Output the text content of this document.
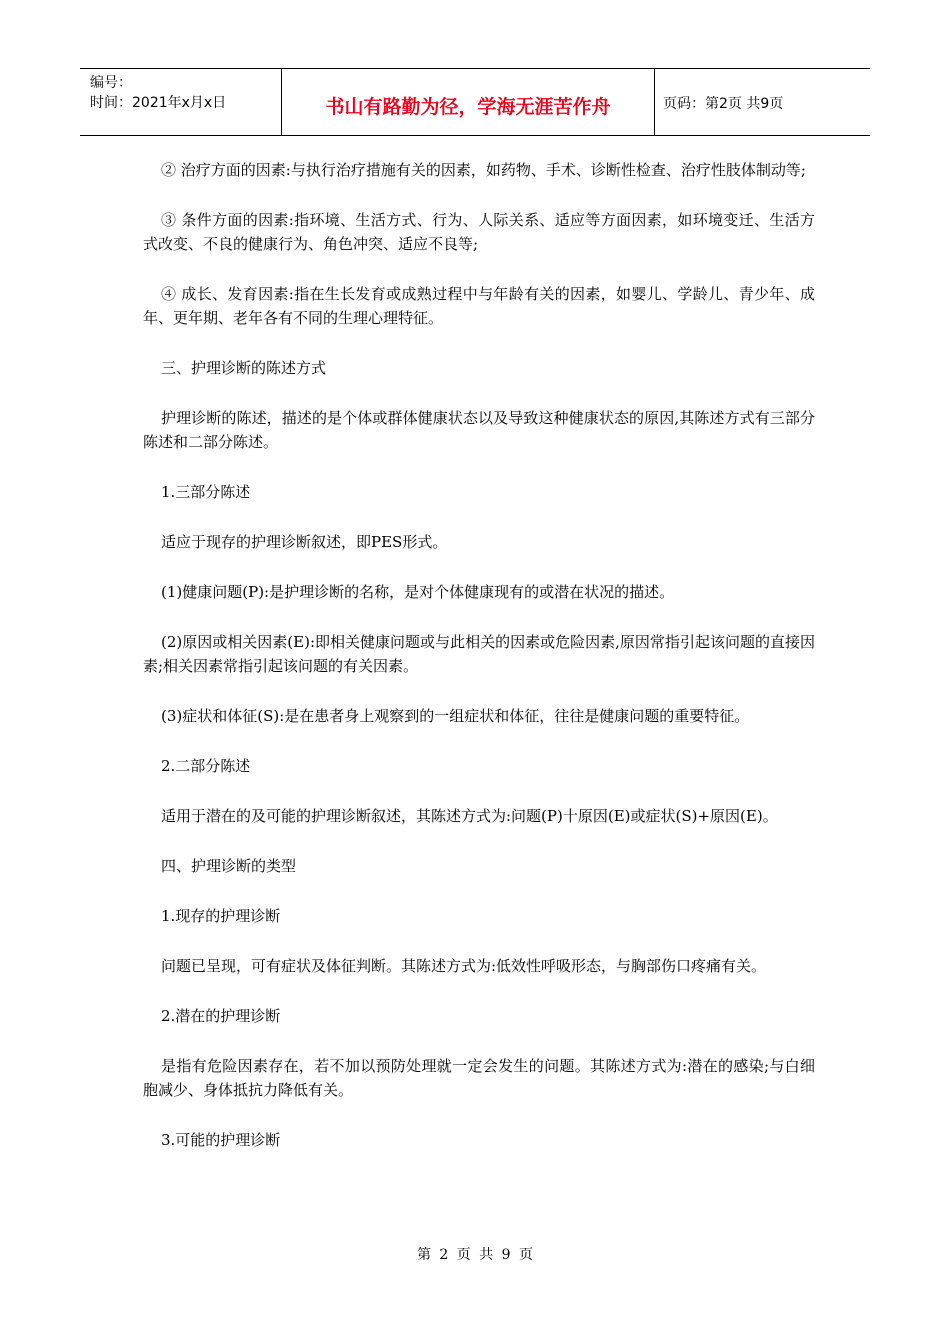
编号：
时间：2021年x月x日	书山有路勤为径，学海无涯苦作舟	页码：第2页 共9页

② 治疗方面的因素:与执行治疗措施有关的因素，如药物、手术、诊断性检查、治疗性肢体制动等;

③ 条件方面的因素:指环境、生活方式、行为、人际关系、适应等方面因素，如环境变迁、生活方式改变、不良的健康行为、角色冲突、适应不良等;

④ 成长、发育因素:指在生长发育或成熟过程中与年龄有关的因素，如婴儿、学龄儿、青少年、成年、更年期、老年各有不同的生理心理特征。

三、护理诊断的陈述方式

护理诊断的陈述，描述的是个体或群体健康状态以及导致这种健康状态的原因,其陈述方式有三部分陈述和二部分陈述。

1.三部分陈述

适应于现存的护理诊断叙述，即PES形式。

(1)健康问题(P):是护理诊断的名称，是对个体健康现有的或潜在状况的描述。

(2)原因或相关因素(E):即相关健康问题或与此相关的因素或危险因素,原因常指引起该问题的直接因素;相关因素常指引起该问题的有关因素。

(3)症状和体征(S):是在患者身上观察到的一组症状和体征，往往是健康问题的重要特征。

2.二部分陈述

适用于潜在的及可能的护理诊断叙述，其陈述方式为:问题(P)十原因(E)或症状(S)+原因(E)。

四、护理诊断的类型

1.现存的护理诊断

问题已呈现，可有症状及体征判断。其陈述方式为:低效性呼吸形态，与胸部伤口疼痛有关。

2.潜在的护理诊断

是指有危险因素存在，若不加以预防处理就一定会发生的问题。其陈述方式为:潜在的感染;与白细胞减少、身体抵抗力降低有关。

3.可能的护理诊断

第 2 页 共 9 页
